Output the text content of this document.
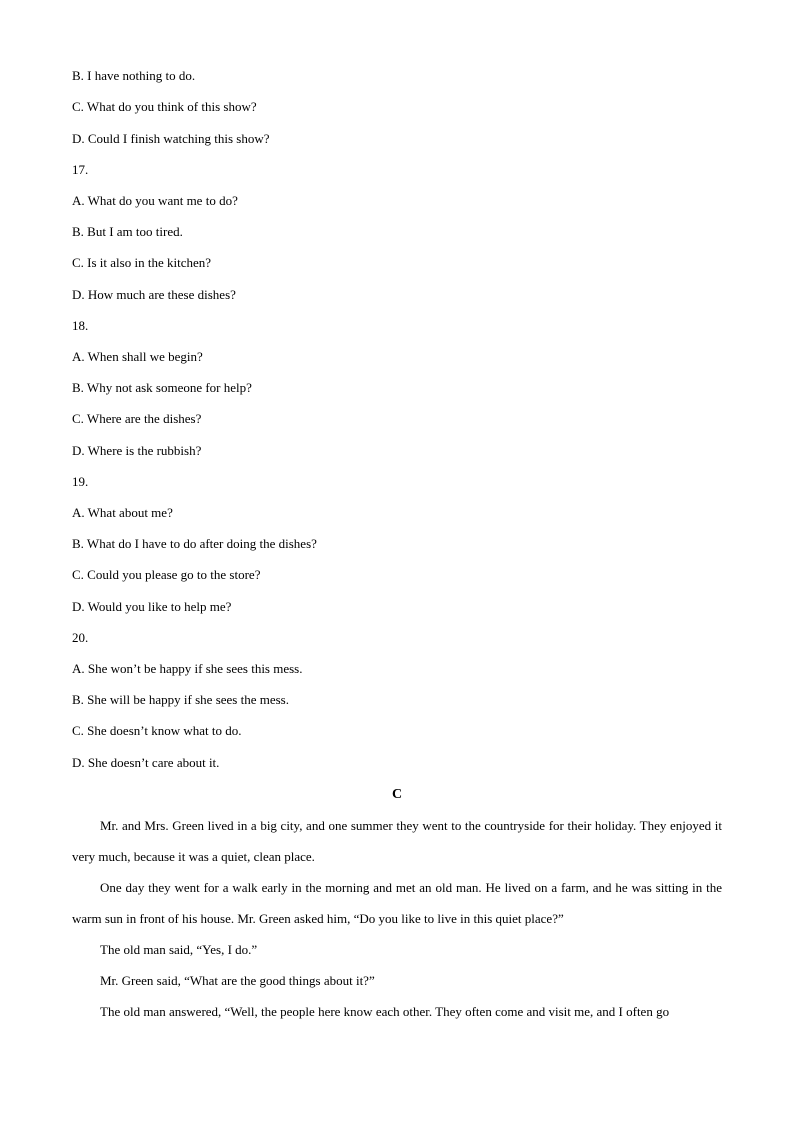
B. I have nothing to do.
C. What do you think of this show?
D. Could I finish watching this show?
17.
A. What do you want me to do?
B. But I am too tired.
C. Is it also in the kitchen?
D. How much are these dishes?
18.
A. When shall we begin?
B. Why not ask someone for help?
C. Where are the dishes?
D. Where is the rubbish?
19.
A. What about me?
B. What do I have to do after doing the dishes?
C. Could you please go to the store?
D. Would you like to help me?
20.
A. She won’t be happy if she sees this mess.
B. She will be happy if she sees the mess.
C. She doesn’t know what to do.
D. She doesn’t care about it.
C
Mr. and Mrs. Green lived in a big city, and one summer they went to the countryside for their holiday. They enjoyed it very much, because it was a quiet, clean place.
One day they went for a walk early in the morning and met an old man. He lived on a farm, and he was sitting in the warm sun in front of his house. Mr. Green asked him, “Do you like to live in this quiet place?”
The old man said, “Yes, I do.”
Mr. Green said, “What are the good things about it?”
The old man answered, “Well, the people here know each other. They often come and visit me, and I often go
